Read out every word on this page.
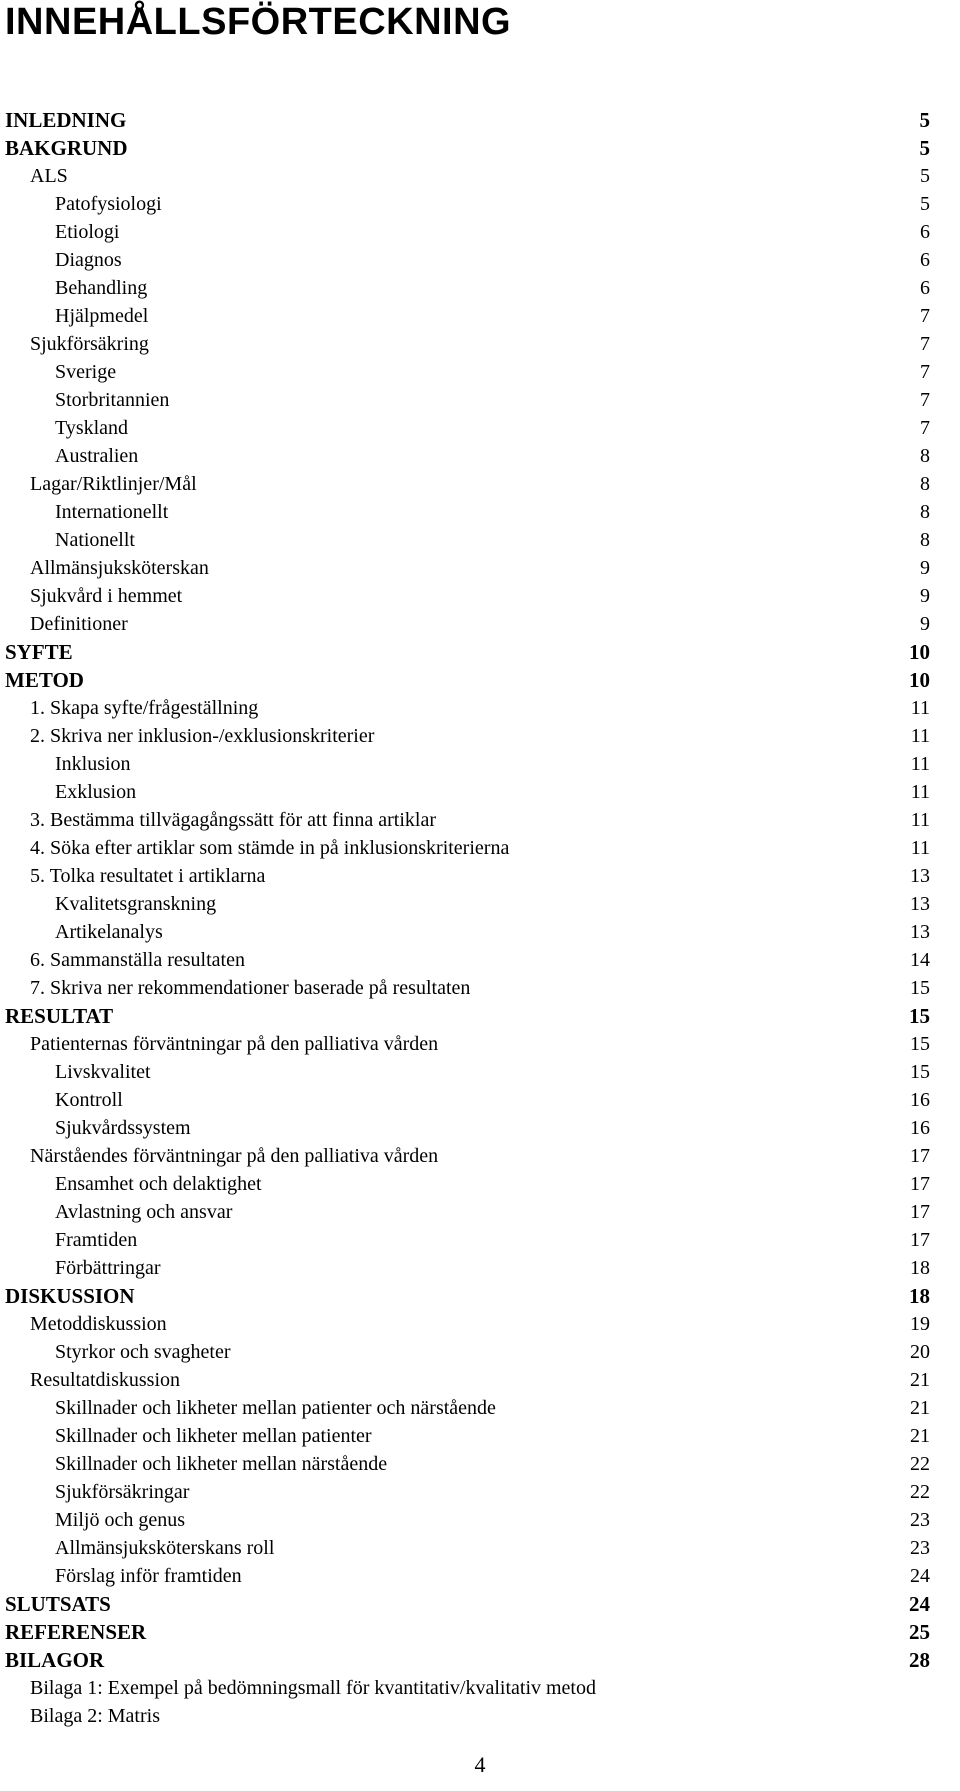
INNEHÅLLSFÖRTECKNING
INLEDNING	5
BAKGRUND	5
ALS	5
Patofysiologi	5
Etiologi	6
Diagnos	6
Behandling	6
Hjälpmedel	7
Sjukförsäkring	7
Sverige	7
Storbritannien	7
Tyskland	7
Australien	8
Lagar/Riktlinjer/Mål	8
Internationellt	8
Nationellt	8
Allmänsjuksköterskan	9
Sjukvård i hemmet	9
Definitioner	9
SYFTE	10
METOD	10
1. Skapa syfte/frågeställning	11
2. Skriva ner inklusion-/exklusionskriterier	11
Inklusion	11
Exklusion	11
3. Bestämma tillvägagångssätt för att finna artiklar	11
4. Söka efter artiklar som stämde in på inklusionskriterierna	11
5. Tolka resultatet i artiklarna	13
Kvalitetsgranskning	13
Artikelanalys	13
6. Sammanställa resultaten	14
7. Skriva ner rekommendationer baserade på resultaten	15
RESULTAT	15
Patienternas förväntningar på den palliativa vården	15
Livskvalitet	15
Kontroll	16
Sjukvårdssystem	16
Närståendes förväntningar på den palliativa vården	17
Ensamhet och delaktighet	17
Avlastning och ansvar	17
Framtiden	17
Förbättringar	18
DISKUSSION	18
Metoddiskussion	19
Styrkor och svagheter	20
Resultatdiskussion	21
Skillnader och likheter mellan patienter och närstående	21
Skillnader och likheter mellan patienter	21
Skillnader och likheter mellan närstående	22
Sjukförsäkringar	22
Miljö och genus	23
Allmänsjuksköterskans roll	23
Förslag inför framtiden	24
SLUTSATS	24
REFERENSER	25
BILAGOR	28
Bilaga 1: Exempel på bedömningsmall för kvantitativ/kvalitativ metod
Bilaga 2: Matris
4
